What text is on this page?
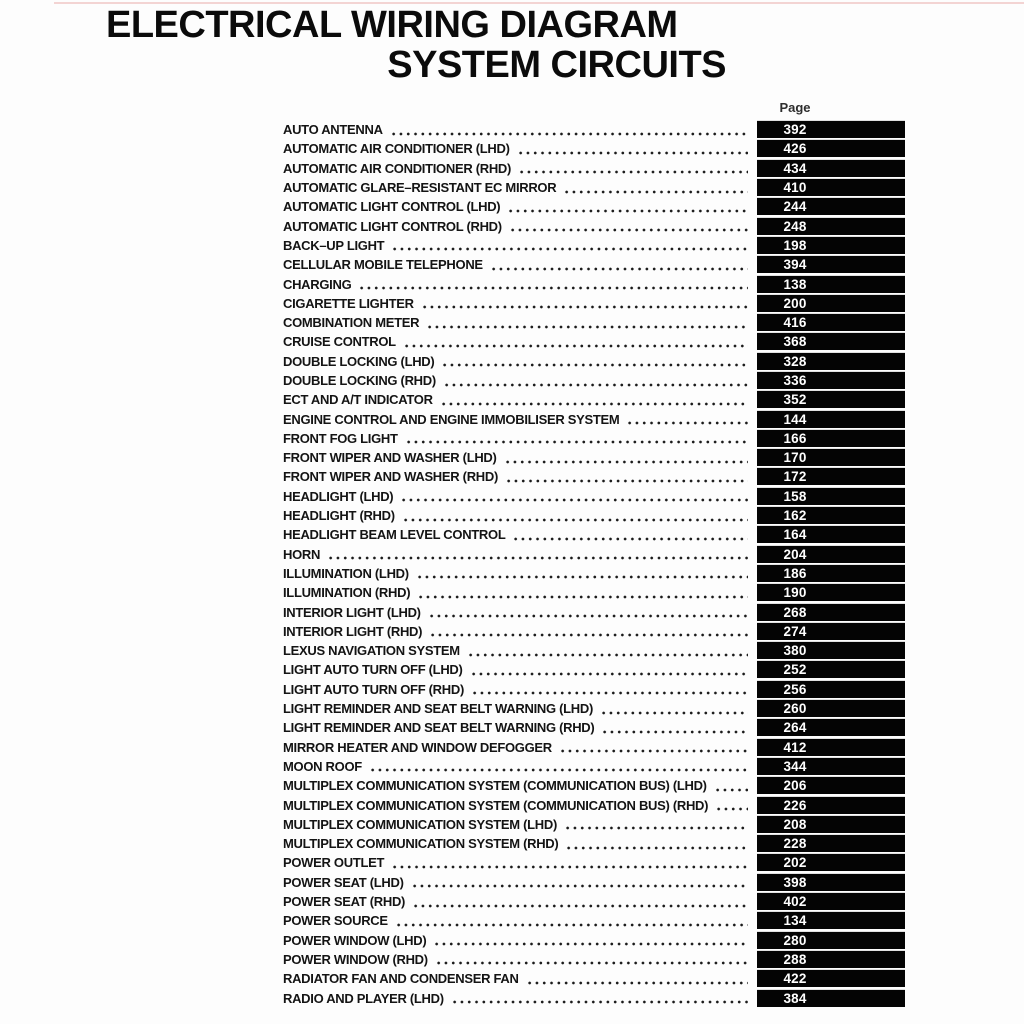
ELECTRICAL WIRING DIAGRAM
SYSTEM CIRCUITS
Page
AUTO ANTENNA	392
AUTOMATIC AIR CONDITIONER (LHD)	426
AUTOMATIC AIR CONDITIONER (RHD)	434
AUTOMATIC GLARE–RESISTANT EC MIRROR	410
AUTOMATIC LIGHT CONTROL (LHD)	244
AUTOMATIC LIGHT CONTROL (RHD)	248
BACK–UP LIGHT	198
CELLULAR MOBILE TELEPHONE	394
CHARGING	138
CIGARETTE LIGHTER	200
COMBINATION METER	416
CRUISE CONTROL	368
DOUBLE LOCKING (LHD)	328
DOUBLE LOCKING (RHD)	336
ECT AND A/T INDICATOR	352
ENGINE CONTROL AND ENGINE IMMOBILISER SYSTEM	144
FRONT FOG LIGHT	166
FRONT WIPER AND WASHER (LHD)	170
FRONT WIPER AND WASHER (RHD)	172
HEADLIGHT (LHD)	158
HEADLIGHT (RHD)	162
HEADLIGHT BEAM LEVEL CONTROL	164
HORN	204
ILLUMINATION (LHD)	186
ILLUMINATION (RHD)	190
INTERIOR LIGHT (LHD)	268
INTERIOR LIGHT (RHD)	274
LEXUS NAVIGATION SYSTEM	380
LIGHT AUTO TURN OFF (LHD)	252
LIGHT AUTO TURN OFF (RHD)	256
LIGHT REMINDER AND SEAT BELT WARNING (LHD)	260
LIGHT REMINDER AND SEAT BELT WARNING (RHD)	264
MIRROR HEATER AND WINDOW DEFOGGER	412
MOON ROOF	344
MULTIPLEX COMMUNICATION SYSTEM (COMMUNICATION BUS) (LHD)	206
MULTIPLEX COMMUNICATION SYSTEM (COMMUNICATION BUS) (RHD)	226
MULTIPLEX COMMUNICATION SYSTEM (LHD)	208
MULTIPLEX COMMUNICATION SYSTEM (RHD)	228
POWER OUTLET	202
POWER SEAT (LHD)	398
POWER SEAT (RHD)	402
POWER SOURCE	134
POWER WINDOW (LHD)	280
POWER WINDOW (RHD)	288
RADIATOR FAN AND CONDENSER FAN	422
RADIO AND PLAYER (LHD)	384
